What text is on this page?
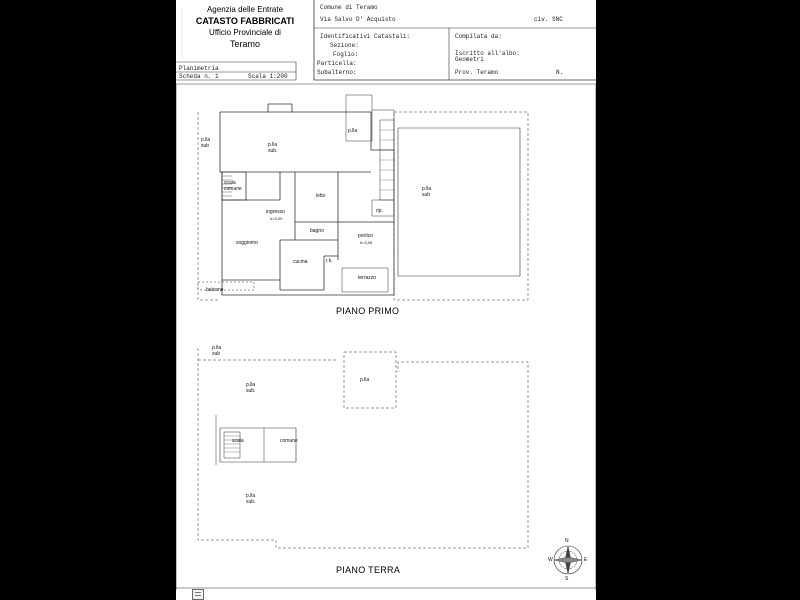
Agenzia delle Entrate
CATASTO FABBRICATI
Ufficio Provinciale di
Teramo
Planimetria
Scheda n. 1	Scala 1:200
Comune di Teramo
Via Salvo D' Acquisto	civ. SNC
Identificativi Catastali:
Sezione:
Foglio:
Particella:
Subalterno:
Compilata da:
Iscritto all'albo:
Geometri
Prov. Teramo	N.
p.lla
sub	p.lla
sub.
p.lla
p.lla
sub
scala
comune
letto
ingresso
h=3,00
bagno
soggiorno
cucina	r.k.
portico
h=3,05
rip.
terrazzo
balcone
PIANO PRIMO
p.lla
sub
p.lla
sub.
p.lla
scala	comune
p.lla
sub.
PIANO TERRA
N
S
E
W
